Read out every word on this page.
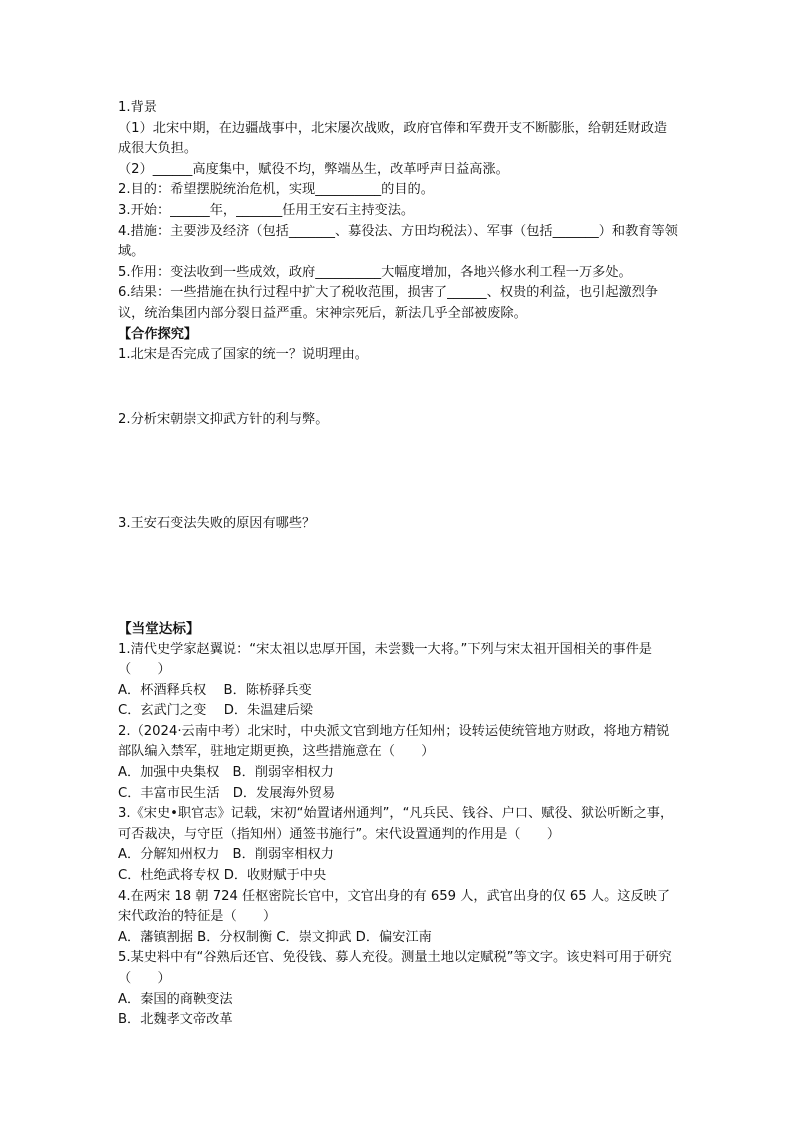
1.背景

（1）北宋中期，在边疆战事中，北宋屡次战败，政府官俸和军费开支不断膨胀，给朝廷财政造成很大负担。

（2）______高度集中，赋役不均，弊端丛生，改革呼声日益高涨。

2.目的：希望摆脱统治危机，实现__________的目的。

3.开始：______年，_______任用王安石主持变法。

4.措施：主要涉及经济（包括_______、募役法、方田均税法）、军事（包括_______）和教育等领域。

5.作用：变法收到一些成效，政府__________大幅度增加，各地兴修水利工程一万多处。

6.结果：一些措施在执行过程中扩大了税收范围，损害了______、权贵的利益，也引起激烈争议，统治集团内部分裂日益严重。宋神宗死后，新法几乎全部被废除。

【合作探究】

1.北宋是否完成了国家的统一？说明理由。

2.分析宋朝崇文抑武方针的利与弊。

3.王安石变法失败的原因有哪些？

【当堂达标】

1.清代史学家赵翼说：“宋太祖以忠厚开国，未尝戮一大将。”下列与宋太祖开国相关的事件是（　　）

A．杯酒释兵权　 B．陈桥驿兵变

C．玄武门之变　 D．朱温建后梁

2.（2024·云南中考）北宋时，中央派文官到地方任知州；设转运使统管地方财政，将地方精锐部队编入禁军，驻地定期更换，这些措施意在（　　）

A．加强中央集权　B．削弱宰相权力

C．丰富市民生活　D．发展海外贸易

3.《宋史•职官志》记载，宋初“始置诸州通判”，“凡兵民、钱谷、户口、赋役、狱讼听断之事，可否裁决，与守臣（指知州）通签书施行”。宋代设置通判的作用是（　　）

A．分解知州权力　B．削弱宰相权力

C．杜绝武将专权 D．收财赋于中央

4.在两宋 18 朝 724 任枢密院长官中，文官出身的有 659 人，武官出身的仅 65 人。这反映了宋代政治的特征是（　　）

A．藩镇割据 B．分权制衡 C．崇文抑武 D．偏安江南

5.某史料中有“谷熟后还官、免役钱、募人充役。测量土地以定赋税”等文字。该史料可用于研究（　　）

A．秦国的商鞅变法

B．北魏孝文帝改革
